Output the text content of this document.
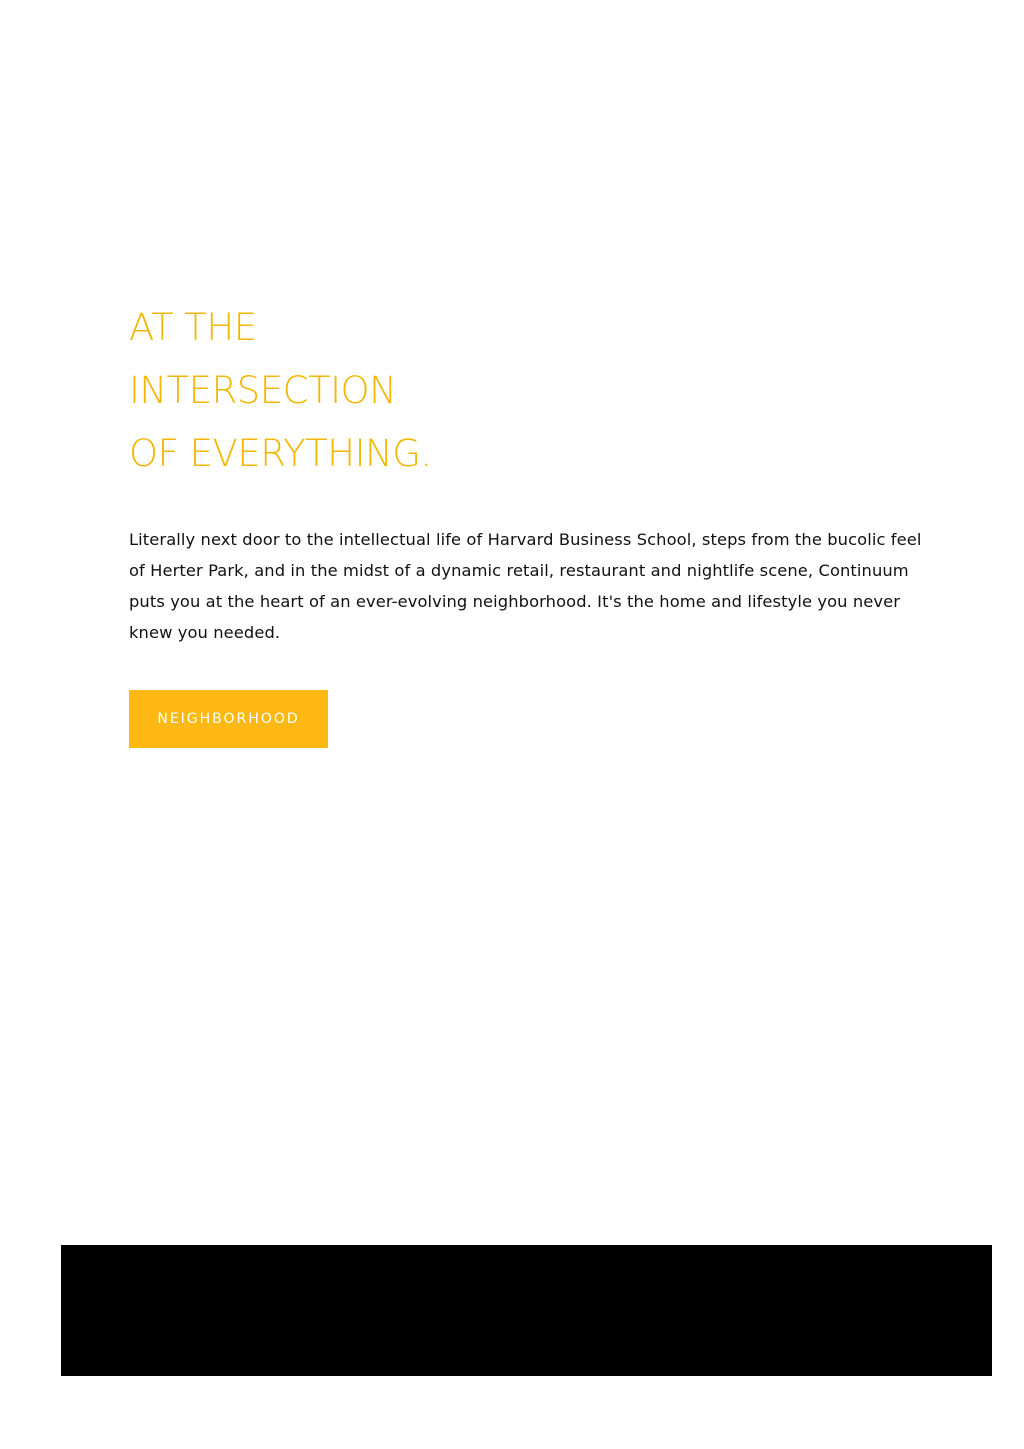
AT THE
INTERSECTION
OF EVERYTHING.

Literally next door to the intellectual life of Harvard Business School, steps from the bucolic feel of Herter Park, and in the midst of a dynamic retail, restaurant and nightlife scene, Continuum puts you at the heart of an ever-evolving neighborhood. It's the home and lifestyle you never knew you needed.

NEIGHBORHOOD
